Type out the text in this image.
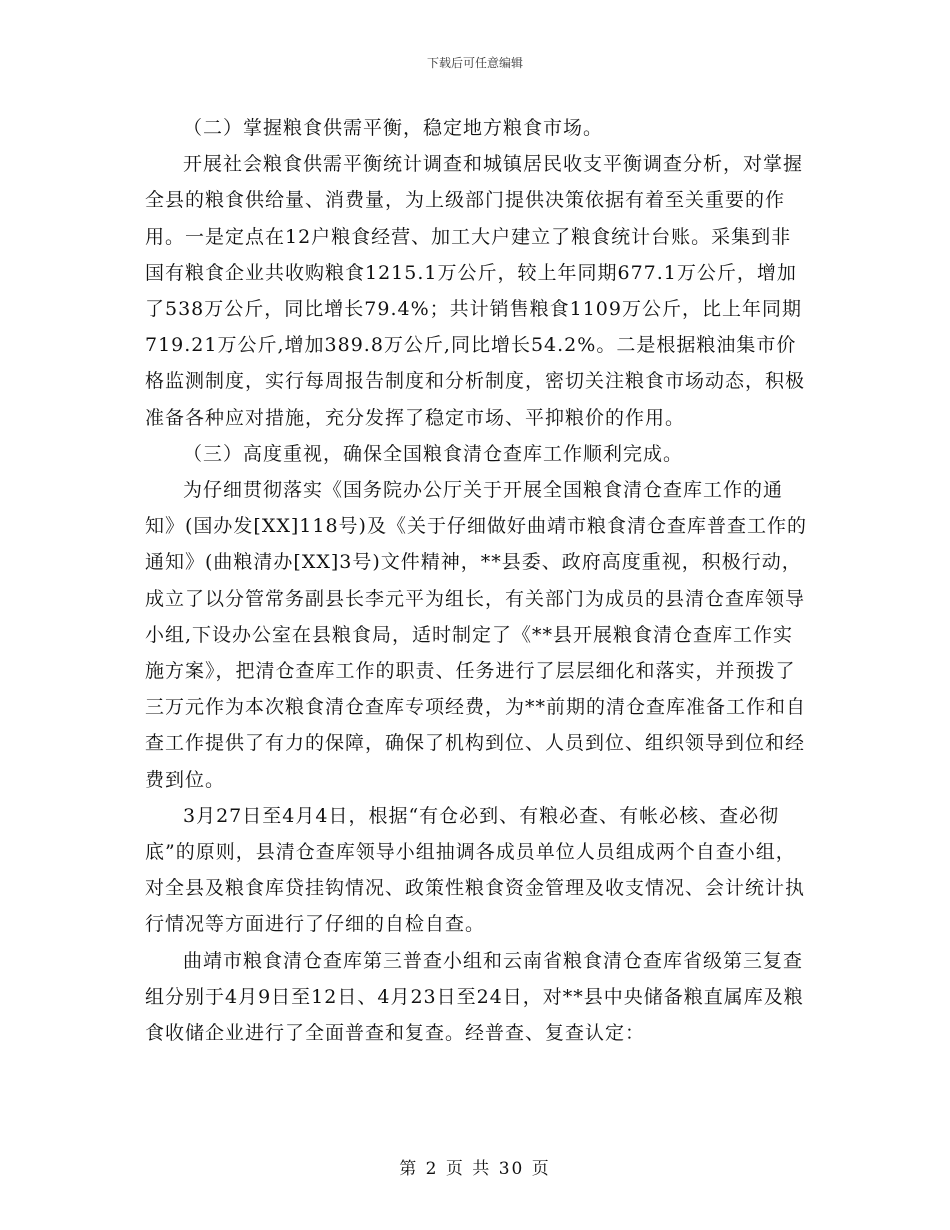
下载后可任意编辑

（二）掌握粮食供需平衡，稳定地方粮食市场。

开展社会粮食供需平衡统计调查和城镇居民收支平衡调查分析，对掌握全县的粮食供给量、消费量，为上级部门提供决策依据有着至关重要的作用。一是定点在12户粮食经营、加工大户建立了粮食统计台账。采集到非国有粮食企业共收购粮食1215.1万公斤，较上年同期677.1万公斤，增加了538万公斤，同比增长79.4%；共计销售粮食1109万公斤，比上年同期719.21万公斤,增加389.8万公斤,同比增长54.2%。二是根据粮油集市价格监测制度，实行每周报告制度和分析制度，密切关注粮食市场动态，积极准备各种应对措施，充分发挥了稳定市场、平抑粮价的作用。

（三）高度重视，确保全国粮食清仓查库工作顺利完成。

为仔细贯彻落实《国务院办公厅关于开展全国粮食清仓查库工作的通知》(国办发[XX]118号)及《关于仔细做好曲靖市粮食清仓查库普查工作的通知》(曲粮清办[XX]3号)文件精神，**县委、政府高度重视，积极行动，成立了以分管常务副县长李元平为组长，有关部门为成员的县清仓查库领导小组,下设办公室在县粮食局，适时制定了《**县开展粮食清仓查库工作实施方案》，把清仓查库工作的职责、任务进行了层层细化和落实，并预拨了三万元作为本次粮食清仓查库专项经费，为**前期的清仓查库准备工作和自查工作提供了有力的保障，确保了机构到位、人员到位、组织领导到位和经费到位。

3月27日至4月4日，根据“有仓必到、有粮必查、有帐必核、查必彻底”的原则，县清仓查库领导小组抽调各成员单位人员组成两个自查小组，对全县及粮食库贷挂钩情况、政策性粮食资金管理及收支情况、会计统计执行情况等方面进行了仔细的自检自查。

曲靖市粮食清仓查库第三普查小组和云南省粮食清仓查库省级第三复查组分别于4月9日至12日、4月23日至24日，对**县中央储备粮直属库及粮食收储企业进行了全面普查和复查。经普查、复查认定：

第 2 页 共 30 页
